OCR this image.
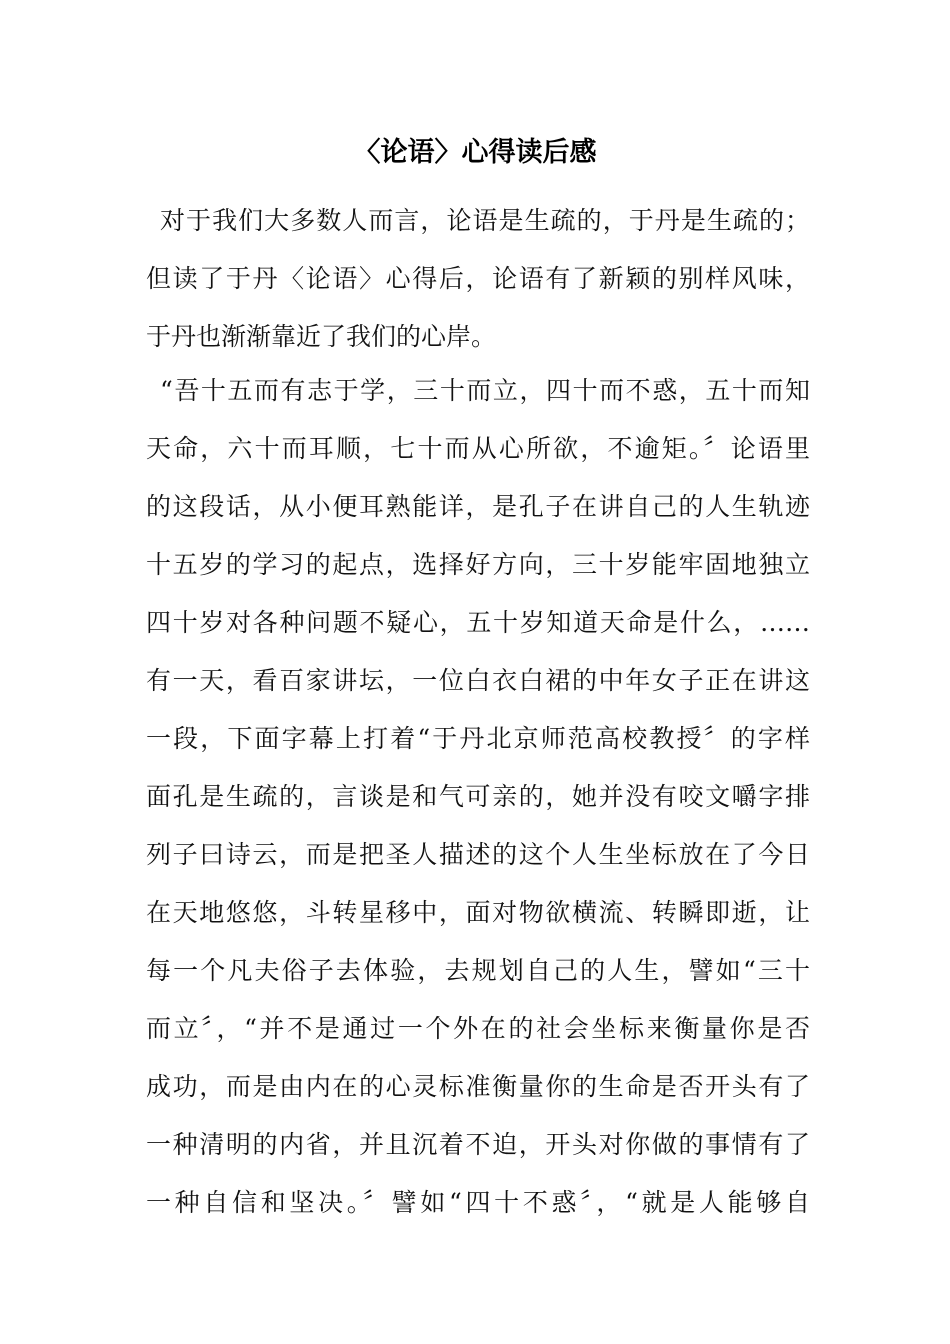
〈论语〉心得读后感
对于我们大多数人而言，论语是生疏的，于丹是生疏的；
但读了于丹〈论语〉心得后，论语有了新颖的别样风味，
于丹也渐渐靠近了我们的心岸。
“吾十五而有志于学，三十而立，四十而不惑，五十而知
天命，六十而耳顺，七十而从心所欲，不逾矩。〞论语里
的这段话，从小便耳熟能详，是孔子在讲自己的人生轨迹
十五岁的学习的起点，选择好方向，三十岁能牢固地独立
四十岁对各种问题不疑心，五十岁知道天命是什么，……
有一天，看百家讲坛，一位白衣白裙的中年女子正在讲这
一段，下面字幕上打着“于丹北京师范高校教授〞的字样
面孔是生疏的，言谈是和气可亲的，她并没有咬文嚼字排
列子曰诗云，而是把圣人描述的这个人生坐标放在了今日
在天地悠悠，斗转星移中，面对物欲横流、转瞬即逝，让
每一个凡夫俗子去体验，去规划自己的人生，譬如“三十
而立〞，“并不是通过一个外在的社会坐标来衡量你是否
成功，而是由内在的心灵标准衡量你的生命是否开头有了
一种清明的内省，并且沉着不迫，开头对你做的事情有了
一种自信和坚决。〞譬如“四十不惑〞，“就是人能够自
